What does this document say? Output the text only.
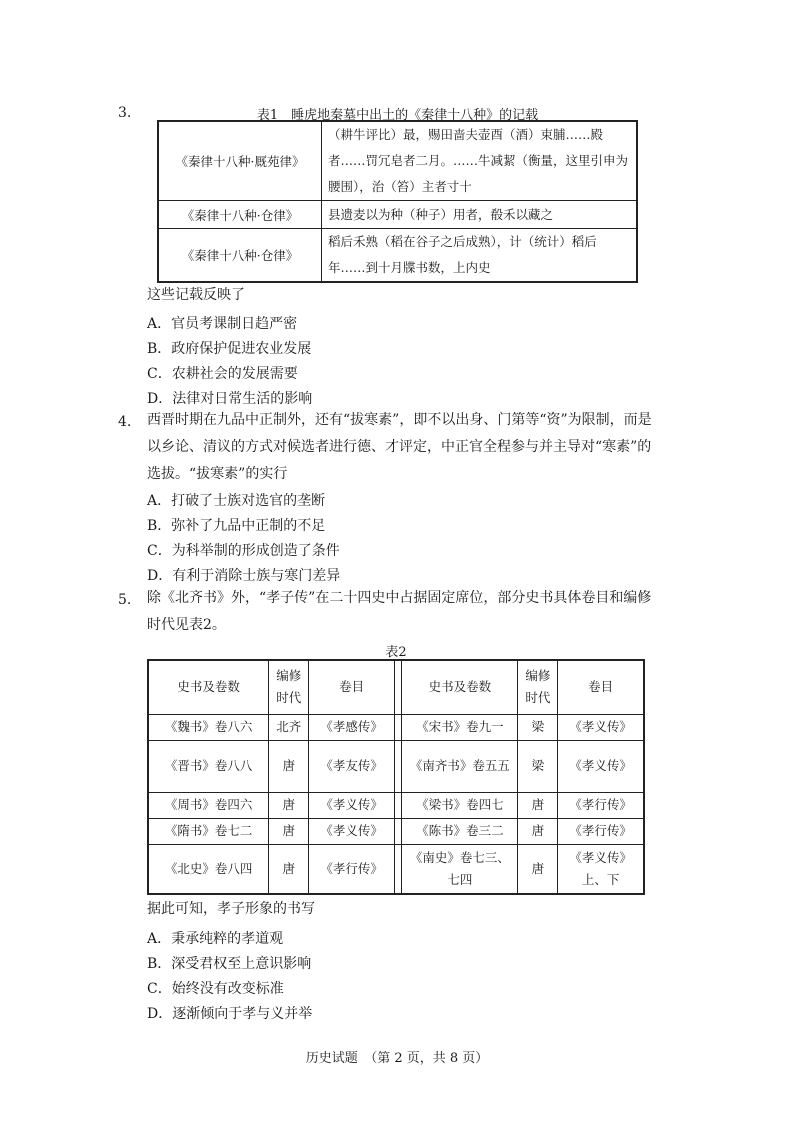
3.	表1　睡虎地秦墓中出土的《秦律十八种》的记载
《秦律十八种·厩苑律》	（耕牛评比）最，赐田啬夫壶酉（酒）束脯……殿者……罚冗皂者二月。……牛减絜（衡量，这里引申为腰围），治（笞）主者寸十
《秦律十八种·仓律》	县遗麦以为种（种子）用者，殽禾以藏之
《秦律十八种·仓律》	稻后禾熟（稻在谷子之后成熟），计（统计）稻后年……到十月牒书数，上内史
这些记载反映了
A．官员考课制日趋严密
B．政府保护促进农业发展
C．农耕社会的发展需要
D．法律对日常生活的影响
4. 西晋时期在九品中正制外，还有“拔寒素”，即不以出身、门第等“资”为限制，而是以乡论、清议的方式对候选者进行德、才评定，中正官全程参与并主导对“寒素”的选拔。“拔寒素”的实行
A．打破了士族对选官的垄断
B．弥补了九品中正制的不足
C．为科举制的形成创造了条件
D．有利于消除士族与寒门差异
5. 除《北齐书》外，“孝子传”在二十四史中占据固定席位，部分史书具体卷目和编修时代见表2。
表2
史书及卷数	编修时代	卷目		史书及卷数	编修时代	卷目
《魏书》卷八六	北齐	《孝感传》		《宋书》卷九一	梁	《孝义传》
《晋书》卷八八	唐	《孝友传》		《南齐书》卷五五	梁	《孝义传》
《周书》卷四六	唐	《孝义传》		《梁书》卷四七	唐	《孝行传》
《隋书》卷七二	唐	《孝义传》		《陈书》卷三二	唐	《孝行传》
《北史》卷八四	唐	《孝行传》		《南史》卷七三、七四	唐	《孝义传》上、下
据此可知，孝子形象的书写
A．秉承纯粹的孝道观
B．深受君权至上意识影响
C．始终没有改变标准
D．逐渐倾向于孝与义并举
历史试题　（第 2 页，共 8 页）
